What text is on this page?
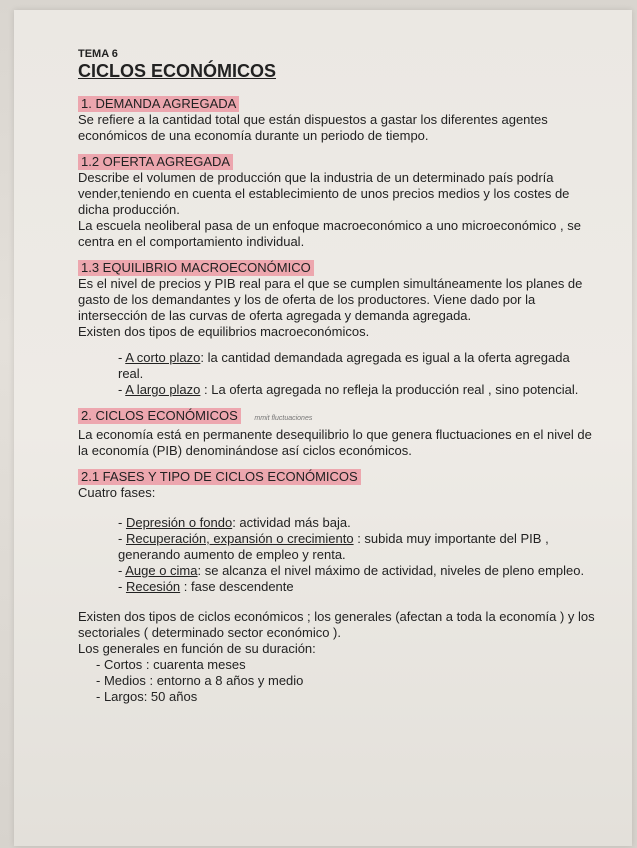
TEMA 6
CICLOS ECONÓMICOS
1. DEMANDA AGREGADA

Se refiere a la cantidad total que están dispuestos a gastar los diferentes agentes económicos de una economía durante un periodo de tiempo.

1.2 OFERTA AGREGADA

Describe el volumen de producción que la industria de un determinado país podría vender,teniendo en cuenta el establecimiento de unos precios medios y los costes de dicha producción.

La escuela neoliberal pasa de un enfoque macroeconómico a uno microeconómico , se centra en el comportamiento individual.

1.3 EQUILIBRIO MACROECONÓMICO

Es el nivel de precios y PIB real para el que se cumplen simultáneamente los planes de gasto de los demandantes y los de oferta de los productores. Viene dado por la intersección de las curvas de oferta agregada y demanda agregada.

Existen dos tipos de equilibrios macroeconómicos.

- A corto plazo: la cantidad demandada agregada es igual a la oferta agregada real.

- A largo plazo : La oferta agregada no refleja la producción real , sino potencial.

2. CICLOS ECONÓMICOS mmit fluctuaciones

La economía está en permanente desequilibrio lo que genera fluctuaciones en el nivel de la economía (PIB) denominándose así ciclos económicos.

2.1 FASES Y TIPO DE CICLOS ECONÓMICOS

Cuatro fases:

- Depresión o fondo: actividad más baja.

- Recuperación, expansión o crecimiento : subida muy importante del PIB , generando aumento de empleo y renta.

- Auge o cima: se alcanza el nivel máximo de actividad, niveles de pleno empleo.

- Recesión : fase descendente

Existen dos tipos de ciclos económicos ; los generales (afectan a toda la economía ) y los sectoriales ( determinado sector económico ).

Los generales en función de su duración:

- Cortos : cuarenta meses
- Medios : entorno a 8 años y medio
- Largos: 50 años
